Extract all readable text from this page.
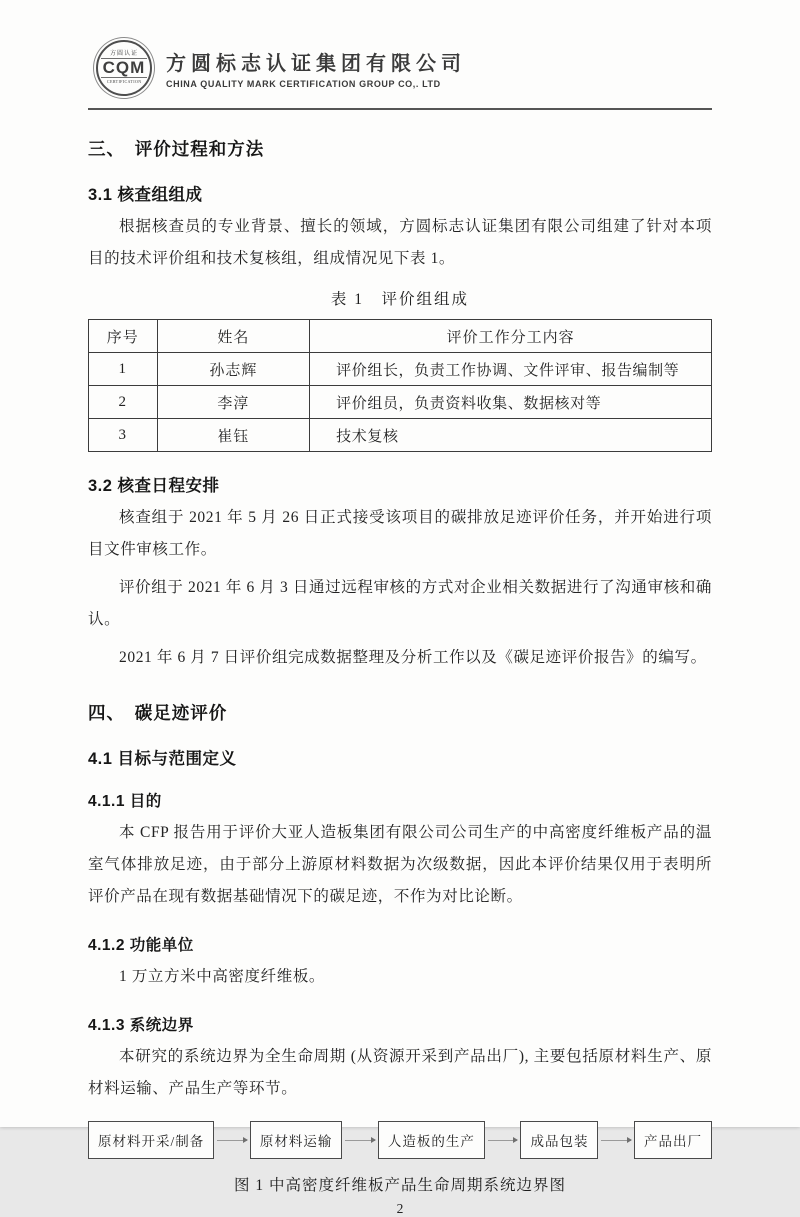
方圆认证
CQM
CERTIFICATION
方圆标志认证集团有限公司
CHINA QUALITY MARK CERTIFICATION GROUP CO,. LTD
三、　评价过程和方法
3.1 核查组组成

根据核查员的专业背景、擅长的领域，方圆标志认证集团有限公司组建了针对本项目的技术评价组和技术复核组，组成情况见下表 1。

表 1　评价组组成
序号	姓名	评价工作分工内容
1	孙志辉	评价组长，负责工作协调、文件评审、报告编制等
2	李淳	评价组员，负责资料收集、数据核对等
3	崔钰	技术复核
3.2 核查日程安排

核查组于 2021 年 5 月 26 日正式接受该项目的碳排放足迹评价任务，并开始进行项目文件审核工作。

评价组于 2021 年 6 月 3 日通过远程审核的方式对企业相关数据进行了沟通审核和确认。

2021 年 6 月 7 日评价组完成数据整理及分析工作以及《碳足迹评价报告》的编写。

四、　碳足迹评价
4.1 目标与范围定义
4.1.1 目的

本 CFP 报告用于评价大亚人造板集团有限公司公司生产的中高密度纤维板产品的温室气体排放足迹，由于部分上游原材料数据为次级数据，因此本评价结果仅用于表明所评价产品在现有数据基础情况下的碳足迹，不作为对比论断。

4.1.2 功能单位

1 万立方米中高密度纤维板。

4.1.3 系统边界

本研究的系统边界为全生命周期 (从资源开采到产品出厂), 主要包括原材料生产、原材料运输、产品生产等环节。

原材料开采/制备	原材料运输	人造板的生产	成品包装	产品出厂
图 1 中高密度纤维板产品生命周期系统边界图
2
